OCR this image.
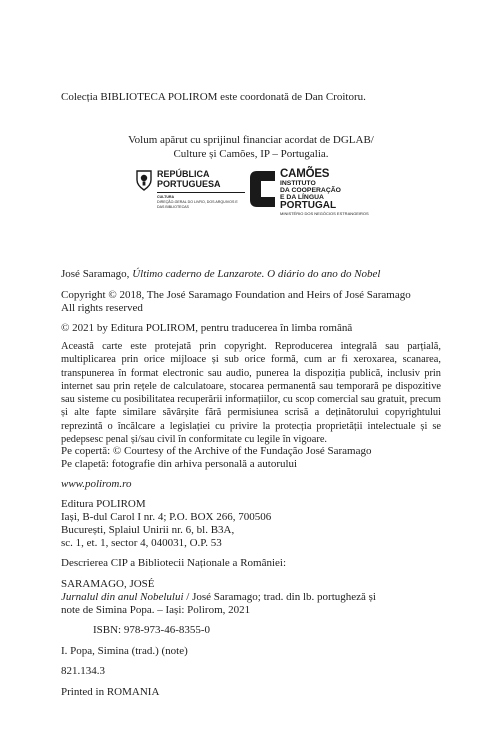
Colecția BIBLIOTECA POLIROM este coordonată de Dan Croitoru.
Volum apărut cu sprijinul financiar acordat de DGLAB/
Culture și Camões, IP – Portugalia.
REPÚBLICA
PORTUGUESA
CULTURA
DIREÇÃO-GERAL DO LIVRO, DOS ARQUIVOS E
DAS BIBLIOTECAS
CAMÕES
INSTITUTO
DA COOPERAÇÃO
E DA LÍNGUA
PORTUGAL
MINISTÉRIO DOS NEGÓCIOS ESTRANGEIROS
José Saramago, Último caderno de Lanzarote. O diário do ano do Nobel
Copyright © 2018, The José Saramago Foundation and Heirs of José Saramago
All rights reserved
© 2021 by Editura POLIROM, pentru traducerea în limba română
Această carte este protejată prin copyright. Reproducerea integrală sau parțială, multiplicarea prin orice mijloace și sub orice formă, cum ar fi xeroxarea, scanarea, transpunerea în format electronic sau audio, punerea la dispoziția publică, inclusiv prin internet sau prin rețele de calculatoare, stocarea permanentă sau temporară pe dispozitive sau sisteme cu posibilitatea recuperării informațiilor, cu scop comercial sau gratuit, precum și alte fapte similare săvârșite fără permisiunea scrisă a deținătorului copyrightului reprezintă o încălcare a legislației cu privire la protecția proprietății intelectuale și se pedepsesc penal și/sau civil în conformitate cu legile în vigoare.
Pe copertă: © Courtesy of the Archive of the Fundação José Saramago
Pe clapetă: fotografie din arhiva personală a autorului
www.polirom.ro
Editura POLIROM
Iași, B-dul Carol I nr. 4; P.O. BOX 266, 700506
București, Splaiul Unirii nr. 6, bl. B3A,
sc. 1, et. 1, sector 4, 040031, O.P. 53
Descrierea CIP a Bibliotecii Naționale a României:
SARAMAGO, JOSÉ
Jurnalul din anul Nobelului / José Saramago; trad. din lb. portugheză și
note de Simina Popa. – Iași: Polirom, 2021
ISBN: 978-973-46-8355-0
I. Popa, Simina (trad.) (note)
821.134.3
Printed in ROMANIA
